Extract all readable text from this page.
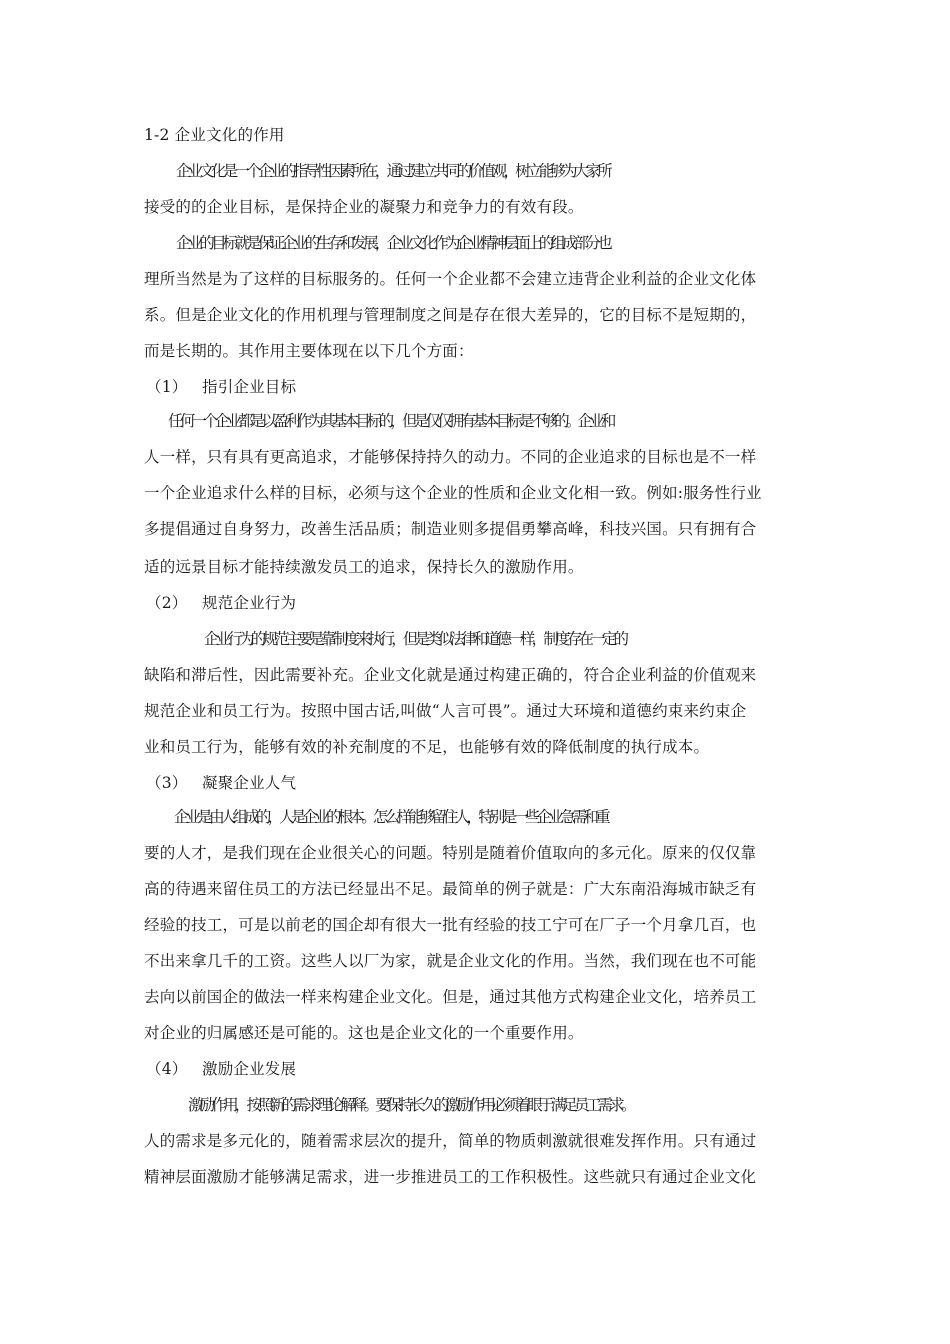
1-2 企业文化的作用
企业文化是一个企业的指导性因素所在，通过建立共同的价值观，树立能够为大家所
接受的的企业目标，是保持企业的凝聚力和竞争力的有效有段。
企业的目标就是保证企业的生存和发展，企业文化作为企业精神层面上的组成部分也
理所当然是为了这样的目标服务的。任何一个企业都不会建立违背企业利益的企业文化体
系。但是企业文化的作用机理与管理制度之间是存在很大差异的，它的目标不是短期的，
而是长期的。其作用主要体现在以下几个方面：
（1） 指引企业目标
任何一个企业都是以盈利作为其基本目标的，但是仅仅拥有基本目标是不够的。企业和
人一样，只有具有更高追求，才能够保持持久的动力。不同的企业追求的目标也是不一样
一个企业追求什么样的目标，必须与这个企业的性质和企业文化相一致。例如:服务性行业
多提倡通过自身努力，改善生活品质；制造业则多提倡勇攀高峰，科技兴国。只有拥有合
适的远景目标才能持续激发员工的追求，保持长久的激励作用。
（2） 规范企业行为
企业行为的规范主要是靠制度来执行，但是类似法律和道德一样，制度存在一定的
缺陷和滞后性，因此需要补充。企业文化就是通过构建正确的，符合企业利益的价值观来
规范企业和员工行为。按照中国古话,叫做“人言可畏”。通过大环境和道德约束来约束企
业和员工行为，能够有效的补充制度的不足，也能够有效的降低制度的执行成本。
（3） 凝聚企业人气
企业是由人组成的，人是企业的根本。怎么样能够留住人，特别是一些企业急需和重
要的人才，是我们现在企业很关心的问题。特别是随着价值取向的多元化。原来的仅仅靠
高的待遇来留住员工的方法已经显出不足。最简单的例子就是：广大东南沿海城市缺乏有
经验的技工，可是以前老的国企却有很大一批有经验的技工宁可在厂子一个月拿几百，也
不出来拿几千的工资。这些人以厂为家，就是企业文化的作用。当然，我们现在也不可能
去向以前国企的做法一样来构建企业文化。但是，通过其他方式构建企业文化，培养员工
对企业的归属感还是可能的。这也是企业文化的一个重要作用。
（4） 激励企业发展
激励作用，按照新的需求理论解释。要保持长久的激励作用必须着眼于满足员工需求。
人的需求是多元化的，随着需求层次的提升，简单的物质刺激就很难发挥作用。只有通过
精神层面激励才能够满足需求，进一步推进员工的工作积极性。这些就只有通过企业文化
